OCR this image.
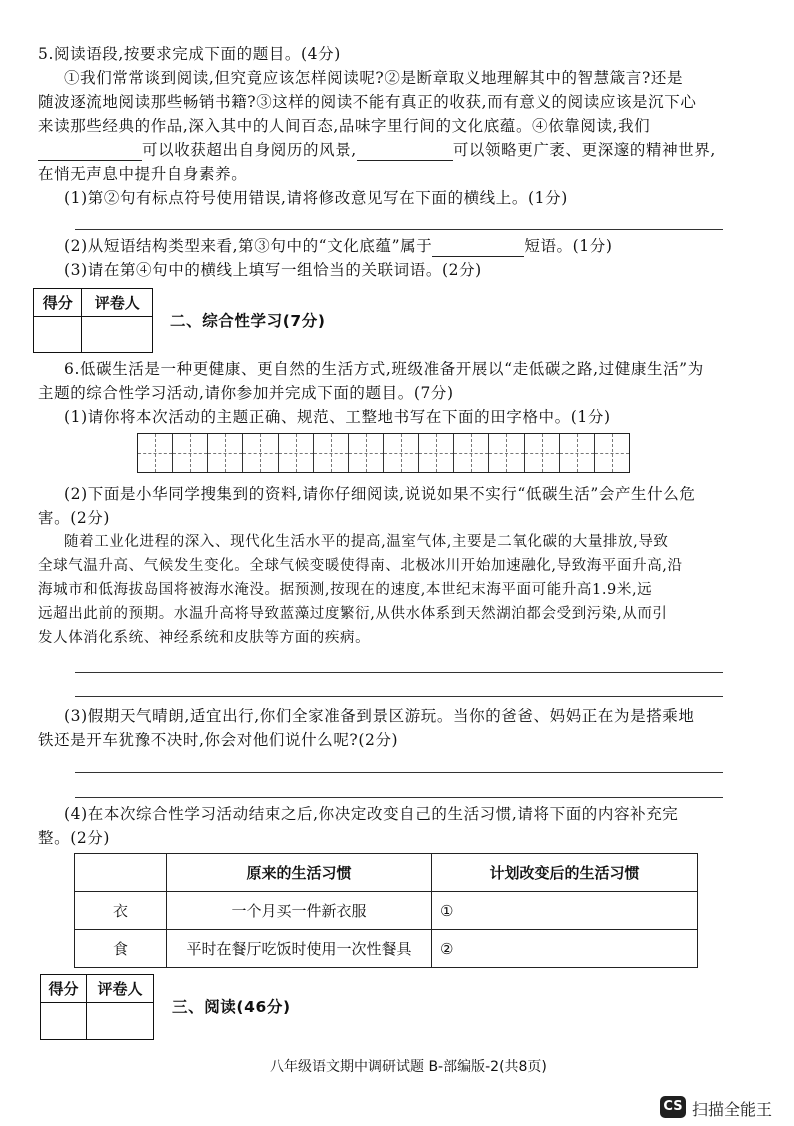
5.阅读语段,按要求完成下面的题目。(4分)
①我们常常谈到阅读,但究竟应该怎样阅读呢?②是断章取义地理解其中的智慧箴言?还是
随波逐流地阅读那些畅销书籍?③这样的阅读不能有真正的收获,而有意义的阅读应该是沉下心
来读那些经典的作品,深入其中的人间百态,品味字里行间的文化底蕴。④依靠阅读,我们
可以收获超出自身阅历的风景,	可以领略更广袤、更深邃的精神世界,
在悄无声息中提升自身素养。
(1)第②句有标点符号使用错误,请将修改意见写在下面的横线上。(1分)
(2)从短语结构类型来看,第③句中的“文化底蕴”属于	短语。(1分)
(3)请在第④句中的横线上填写一组恰当的关联词语。(2分)
得分	评卷人

二、综合性学习(7分)
6.低碳生活是一种更健康、更自然的生活方式,班级准备开展以“走低碳之路,过健康生活”为
主题的综合性学习活动,请你参加并完成下面的题目。(7分)
(1)请你将本次活动的主题正确、规范、工整地书写在下面的田字格中。(1分)
(2)下面是小华同学搜集到的资料,请你仔细阅读,说说如果不实行“低碳生活”会产生什么危
害。(2分)
随着工业化进程的深入、现代化生活水平的提高,温室气体,主要是二氧化碳的大量排放,导致
全球气温升高、气候发生变化。全球气候变暖使得南、北极冰川开始加速融化,导致海平面升高,沿
海城市和低海拔岛国将被海水淹没。据预测,按现在的速度,本世纪末海平面可能升高1.9米,远
远超出此前的预期。水温升高将导致蓝藻过度繁衍,从供水体系到天然湖泊都会受到污染,从而引
发人体消化系统、神经系统和皮肤等方面的疾病。
(3)假期天气晴朗,适宜出行,你们全家准备到景区游玩。当你的爸爸、妈妈正在为是搭乘地
铁还是开车犹豫不决时,你会对他们说什么呢?(2分)
(4)在本次综合性学习活动结束之后,你决定改变自己的生活习惯,请将下面的内容补充完
整。(2分)
	原来的生活习惯	计划改变后的生活习惯
衣	一个月买一件新衣服	①
食	平时在餐厅吃饭时使用一次性餐具	②
得分	评卷人

三、阅读(46分)
八年级语文期中调研试题 B-部编版-2(共8页)
CS 扫描全能王
